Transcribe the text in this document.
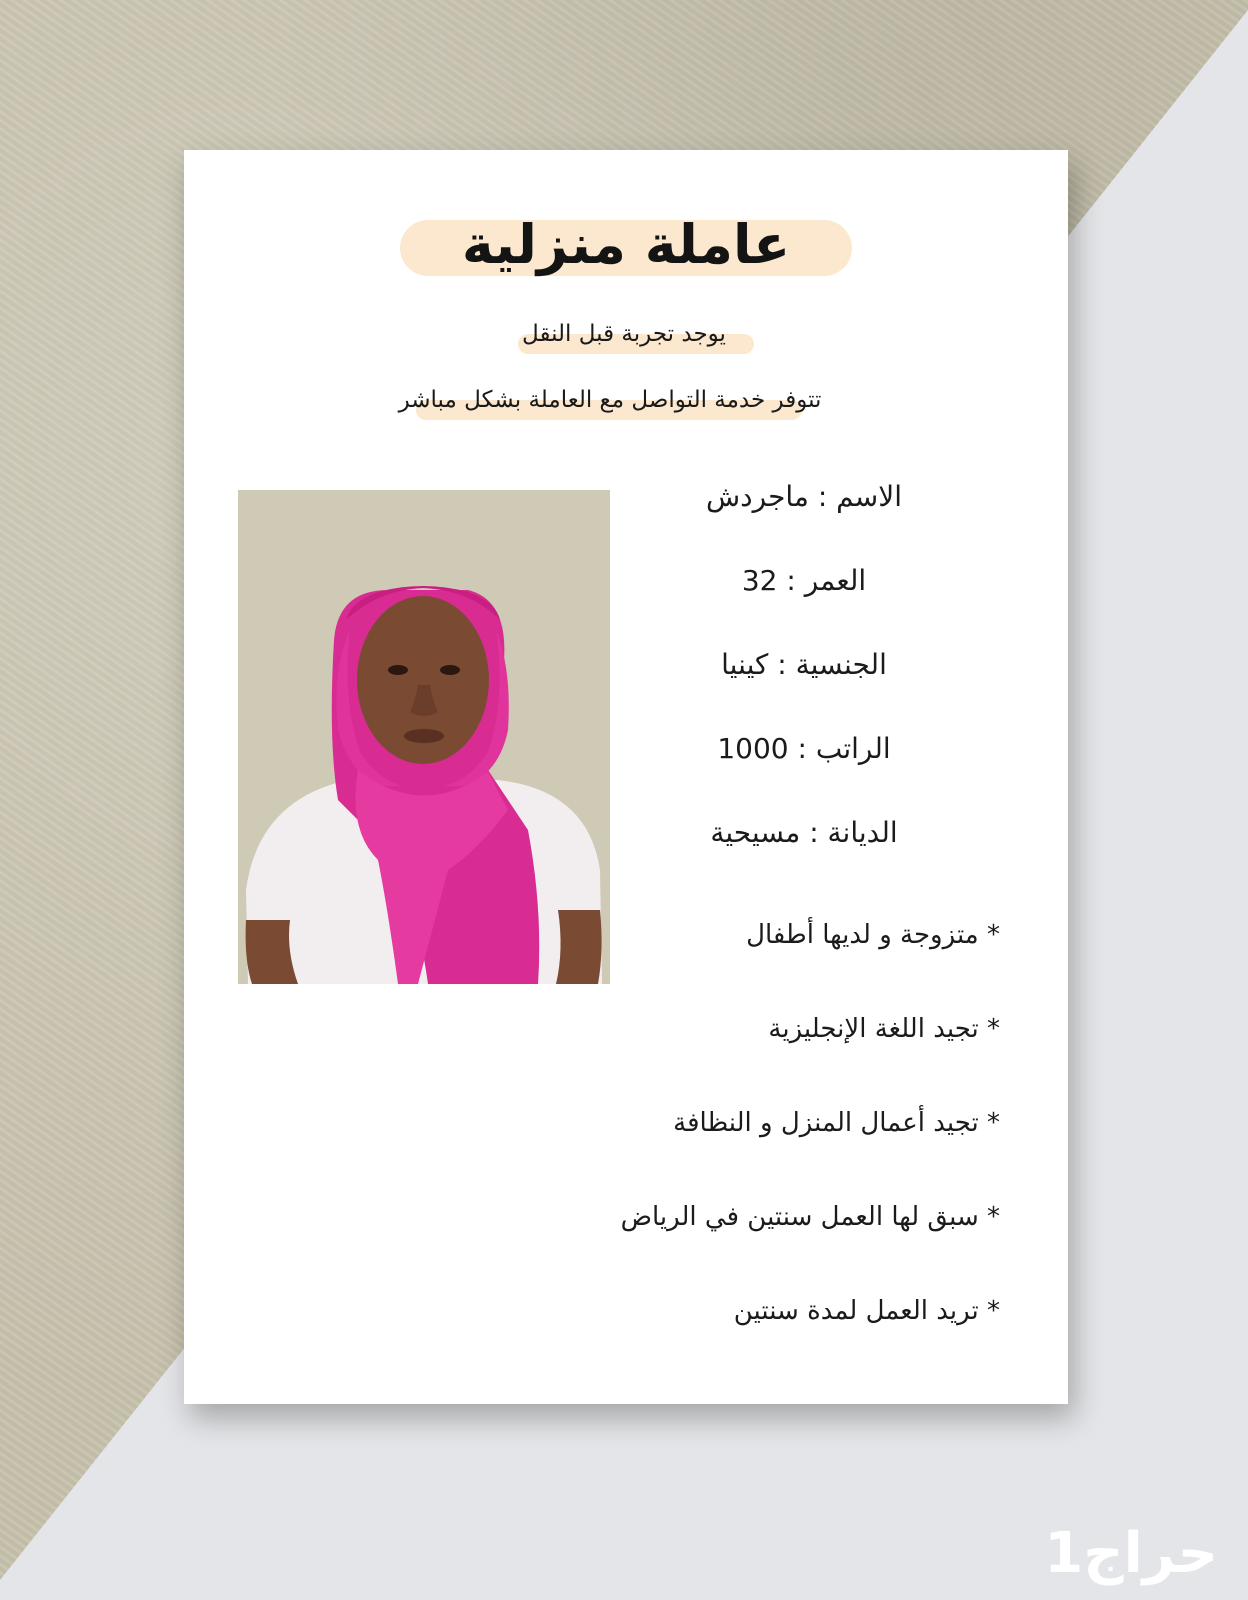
عاملة منزلية
يوجد تجربة قبل النقل
تتوفر خدمة التواصل مع العاملة بشكل مباشر
الاسم : ماجردش
العمر : 32
الجنسية : كينيا
الراتب : 1000
الديانة : مسيحية
* متزوجة و لديها أطفال
* تجيد اللغة الإنجليزية
* تجيد أعمال المنزل و النظافة
* سبق لها العمل سنتين في الرياض
* تريد العمل لمدة سنتين
حراج1
